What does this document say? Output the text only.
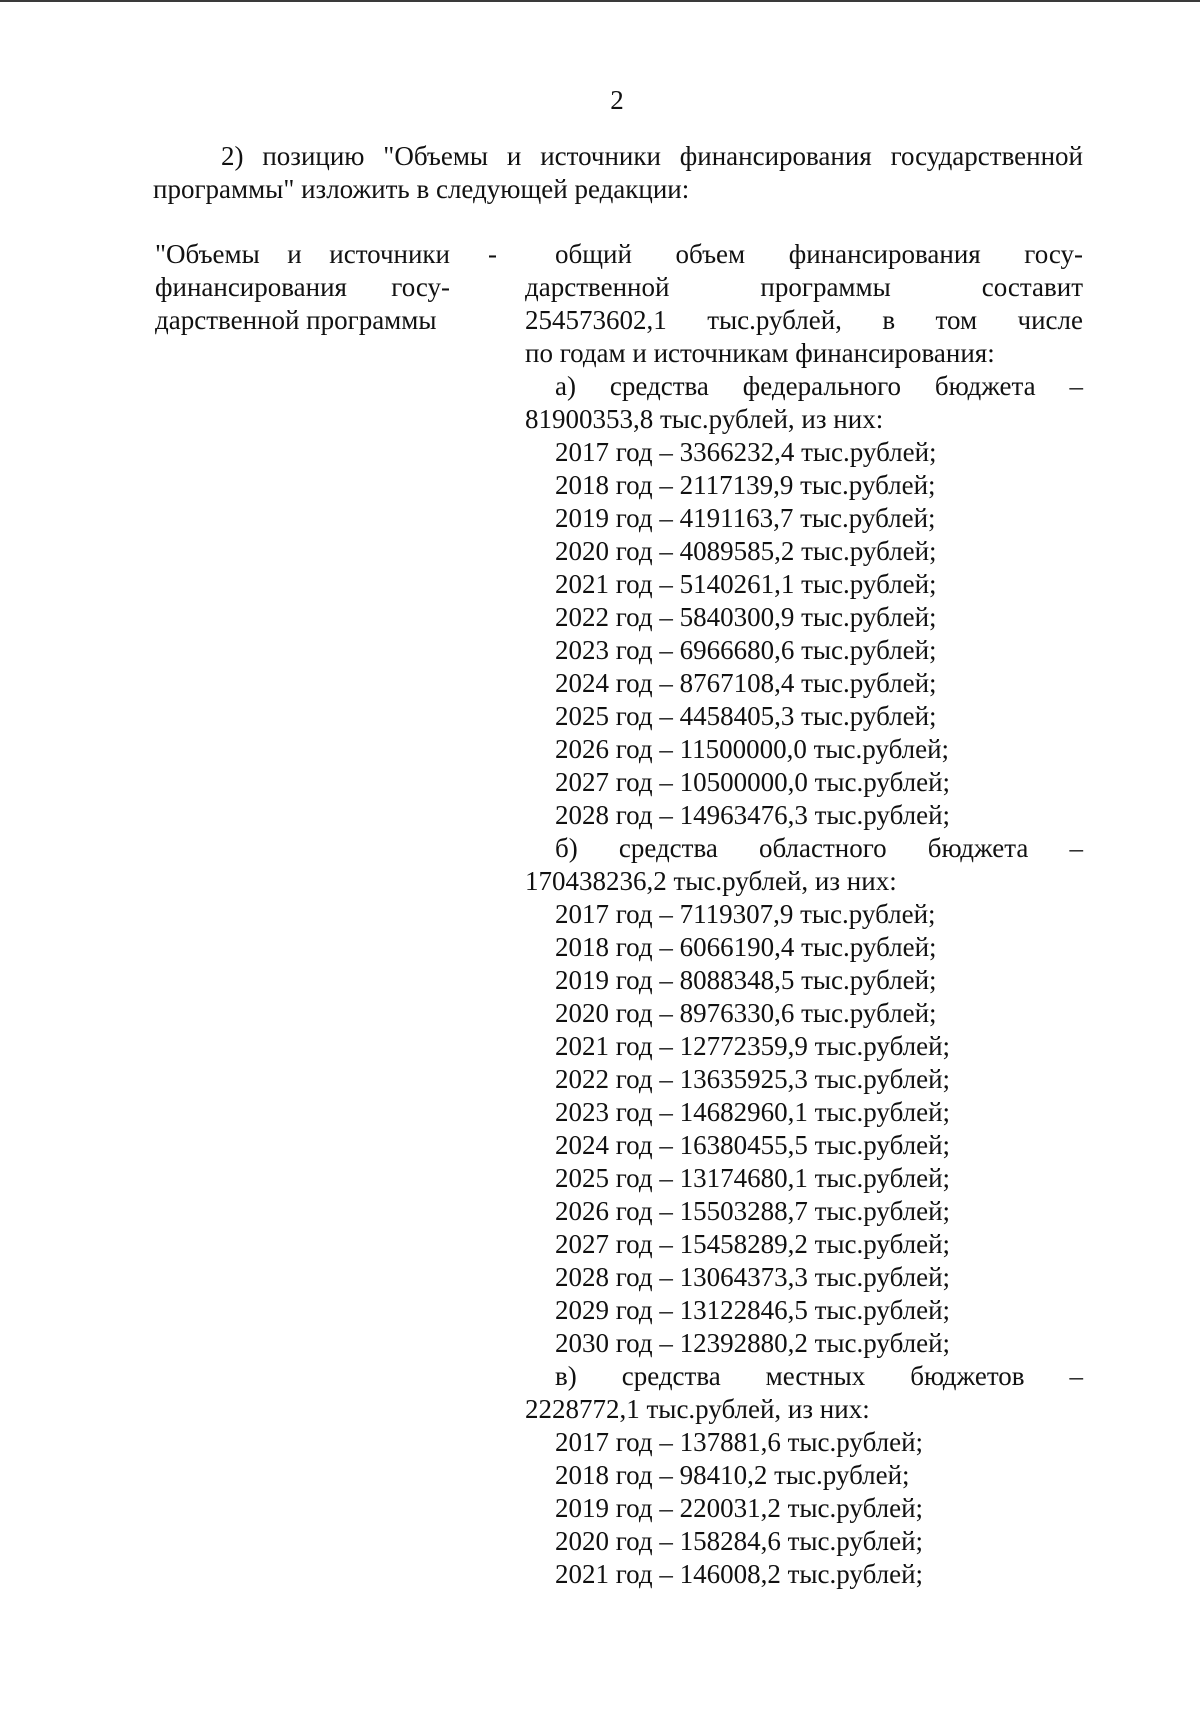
2
2) позицию "Объемы и источники финансирования государственной
программы" изложить в следующей редакции:
"Объемы и источники
финансирования госу-
дарственной программы
-	общий объем финансирования госу-
дарственной программы составит
254573602,1 тыс.рублей, в том числе
по годам и источникам финансирования:
а) средства федерального бюджета –
81900353,8 тыс.рублей, из них:
2017 год – 3366232,4 тыс.рублей;
2018 год – 2117139,9 тыс.рублей;
2019 год – 4191163,7 тыс.рублей;
2020 год – 4089585,2 тыс.рублей;
2021 год – 5140261,1 тыс.рублей;
2022 год – 5840300,9 тыс.рублей;
2023 год – 6966680,6 тыс.рублей;
2024 год – 8767108,4 тыс.рублей;
2025 год – 4458405,3 тыс.рублей;
2026 год – 11500000,0 тыс.рублей;
2027 год – 10500000,0 тыс.рублей;
2028 год – 14963476,3 тыс.рублей;
б) средства областного бюджета –
170438236,2 тыс.рублей, из них:
2017 год – 7119307,9 тыс.рублей;
2018 год – 6066190,4 тыс.рублей;
2019 год – 8088348,5 тыс.рублей;
2020 год – 8976330,6 тыс.рублей;
2021 год – 12772359,9 тыс.рублей;
2022 год – 13635925,3 тыс.рублей;
2023 год – 14682960,1 тыс.рублей;
2024 год – 16380455,5 тыс.рублей;
2025 год – 13174680,1 тыс.рублей;
2026 год – 15503288,7 тыс.рублей;
2027 год – 15458289,2 тыс.рублей;
2028 год – 13064373,3 тыс.рублей;
2029 год – 13122846,5 тыс.рублей;
2030 год – 12392880,2 тыс.рублей;
в) средства местных бюджетов –
2228772,1 тыс.рублей, из них:
2017 год – 137881,6 тыс.рублей;
2018 год – 98410,2 тыс.рублей;
2019 год – 220031,2 тыс.рублей;
2020 год – 158284,6 тыс.рублей;
2021 год – 146008,2 тыс.рублей;
